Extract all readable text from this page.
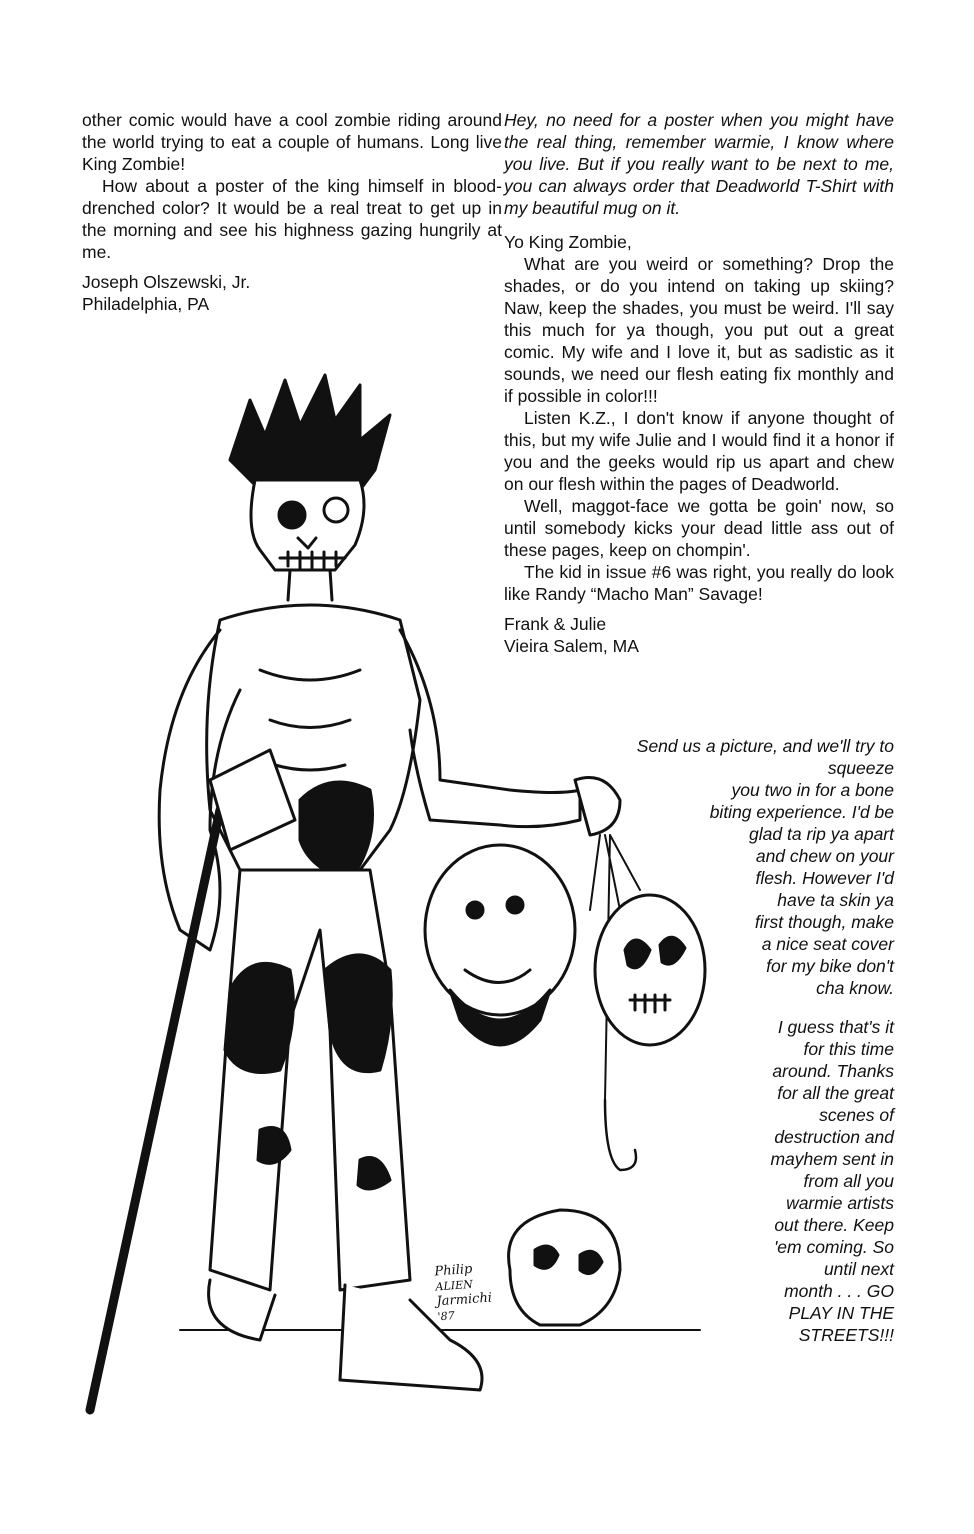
other comic would have a cool zombie riding around the world trying to eat a couple of humans. Long live King Zombie!

How about a poster of the king himself in blood-drenched color? It would be a real treat to get up in the morning and see his highness gazing hungrily at me.

Joseph Olszewski, Jr.
Philadelphia, PA

Hey, no need for a poster when you might have the real thing, remember warmie, I know where you live. But if you really want to be next to me, you can always order that Deadworld T-Shirt with my beautiful mug on it.

Yo King Zombie,

What are you weird or something? Drop the shades, or do you intend on taking up skiing? Naw, keep the shades, you must be weird. I'll say this much for ya though, you put out a great comic. My wife and I love it, but as sadistic as it sounds, we need our flesh eating fix monthly and if possible in color!!!

Listen K.Z., I don't know if anyone thought of this, but my wife Julie and I would find it a honor if you and the geeks would rip us apart and chew on our flesh within the pages of Deadworld.

Well, maggot-face we gotta be goin' now, so until somebody kicks your dead little ass out of these pages, keep on chompin'.

The kid in issue #6 was right, you really do look like Randy “Macho Man” Savage!

Frank & Julie
Vieira Salem, MA
Send us a picture, and we'll try to squeeze
you two in for a bone
biting experience. I'd be
glad ta rip ya apart
and chew on your
flesh. However I'd
have ta skin ya
first though, make
a nice seat cover
for my bike don't
cha know.
I guess that's it
for this time
around. Thanks
for all the great
scenes of
destruction and
mayhem sent in
from all you
warmie artists
out there. Keep
'em coming. So
until next
month . . . GO
PLAY IN THE
STREETS!!!
Philip
ALIEN
Jarmichi
'87
